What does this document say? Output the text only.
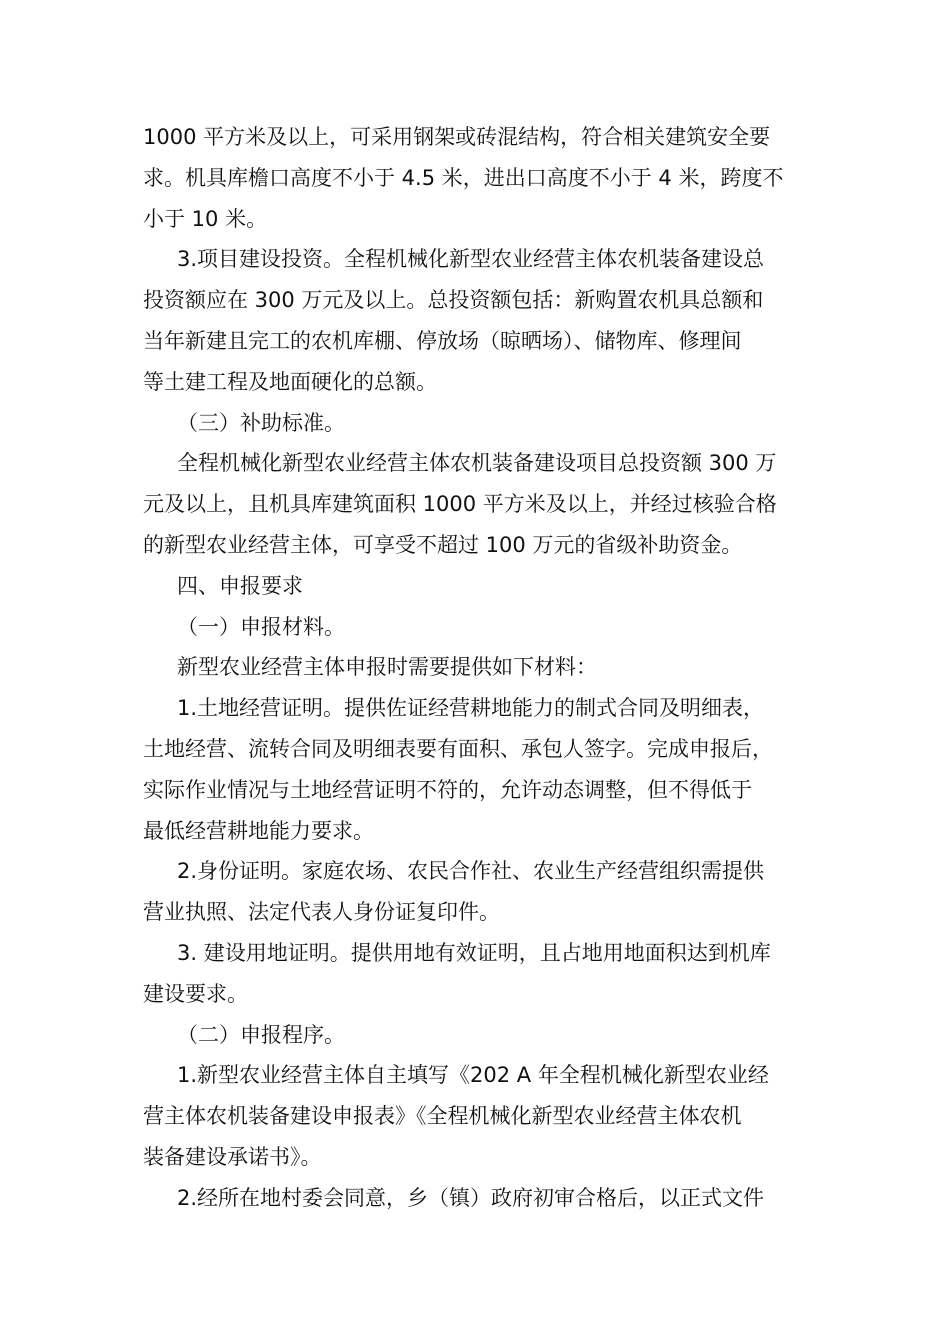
1000 平方米及以上，可采用钢架或砖混结构，符合相关建筑安全要
求。机具库檐口高度不小于 4.5 米，进出口高度不小于 4 米，跨度不
小于 10 米。
3.项目建设投资。全程机械化新型农业经营主体农机装备建设总
投资额应在 300 万元及以上。总投资额包括：新购置农机具总额和
当年新建且完工的农机库棚、停放场（晾晒场）、储物库、修理间
等土建工程及地面硬化的总额。
（三）补助标准。
全程机械化新型农业经营主体农机装备建设项目总投资额 300 万
元及以上，且机具库建筑面积 1000 平方米及以上，并经过核验合格
的新型农业经营主体，可享受不超过 100 万元的省级补助资金。
四、申报要求
（一）申报材料。
新型农业经营主体申报时需要提供如下材料：
1.土地经营证明。提供佐证经营耕地能力的制式合同及明细表，
土地经营、流转合同及明细表要有面积、承包人签字。完成申报后，
实际作业情况与土地经营证明不符的，允许动态调整，但不得低于
最低经营耕地能力要求。
2.身份证明。家庭农场、农民合作社、农业生产经营组织需提供
营业执照、法定代表人身份证复印件。
3. 建设用地证明。提供用地有效证明，且占地用地面积达到机库
建设要求。
（二）申报程序。
1.新型农业经营主体自主填写《202 A 年全程机械化新型农业经
营主体农机装备建设申报表》《全程机械化新型农业经营主体农机
装备建设承诺书》。
2.经所在地村委会同意，乡（镇）政府初审合格后，以正式文件
